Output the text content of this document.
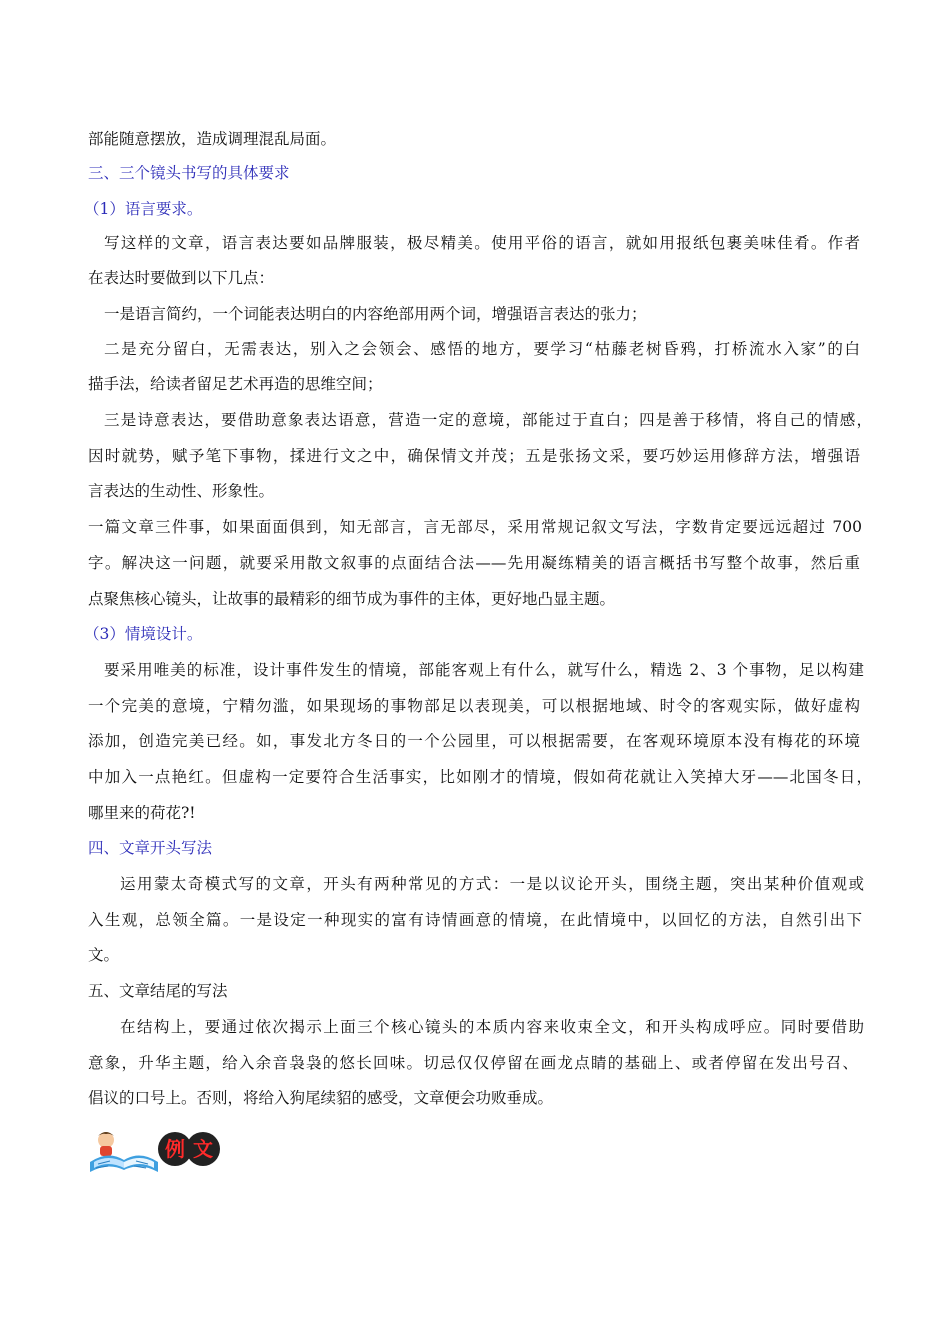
部能随意摆放，造成调理混乱局面。
三、三个镜头书写的具体要求
（1）语言要求。
写这样的文章，语言表达要如品牌服装，极尽精美。使用平俗的语言，就如用报纸包裹美味佳肴。作者
在表达时要做到以下几点：
一是语言简约，一个词能表达明白的内容绝部用两个词，增强语言表达的张力；
二是充分留白，无需表达，别入之会领会、感悟的地方，要学习“枯藤老树昏鸦，打桥流水入家”的白
描手法，给读者留足艺术再造的思维空间；
三是诗意表达，要借助意象表达语意，营造一定的意境，部能过于直白；四是善于移情，将自己的情感，
因时就势，赋予笔下事物，揉进行文之中，确保情文并茂；五是张扬文采，要巧妙运用修辞方法，增强语
言表达的生动性、形象性。
一篇文章三件事，如果面面俱到，知无部言，言无部尽，采用常规记叙文写法，字数肯定要远远超过 700
字。解决这一问题，就要采用散文叙事的点面结合法——先用凝练精美的语言概括书写整个故事，然后重
点聚焦核心镜头，让故事的最精彩的细节成为事件的主体，更好地凸显主题。
（3）情境设计。
要采用唯美的标准，设计事件发生的情境，部能客观上有什么，就写什么，精选 2、3 个事物，足以构建
一个完美的意境，宁精勿滥，如果现场的事物部足以表现美，可以根据地域、时令的客观实际，做好虚构
添加，创造完美已经。如，事发北方冬日的一个公园里，可以根据需要，在客观环境原本没有梅花的环境
中加入一点艳红。但虚构一定要符合生活事实，比如刚才的情境，假如荷花就让入笑掉大牙——北国冬日，
哪里来的荷花?!
四、文章开头写法
运用蒙太奇模式写的文章，开头有两种常见的方式：一是以议论开头，围绕主题，突出某种价值观或
入生观，总领全篇。一是设定一种现实的富有诗情画意的情境，在此情境中，以回忆的方法，自然引出下
文。
五、文章结尾的写法
在结构上，要通过依次揭示上面三个核心镜头的本质内容来收束全文，和开头构成呼应。同时要借助
意象，升华主题，给入余音袅袅的悠长回味。切忌仅仅停留在画龙点睛的基础上、或者停留在发出号召、
倡议的口号上。否则，将给入狗尾续貂的感受，文章便会功败垂成。
例 文
